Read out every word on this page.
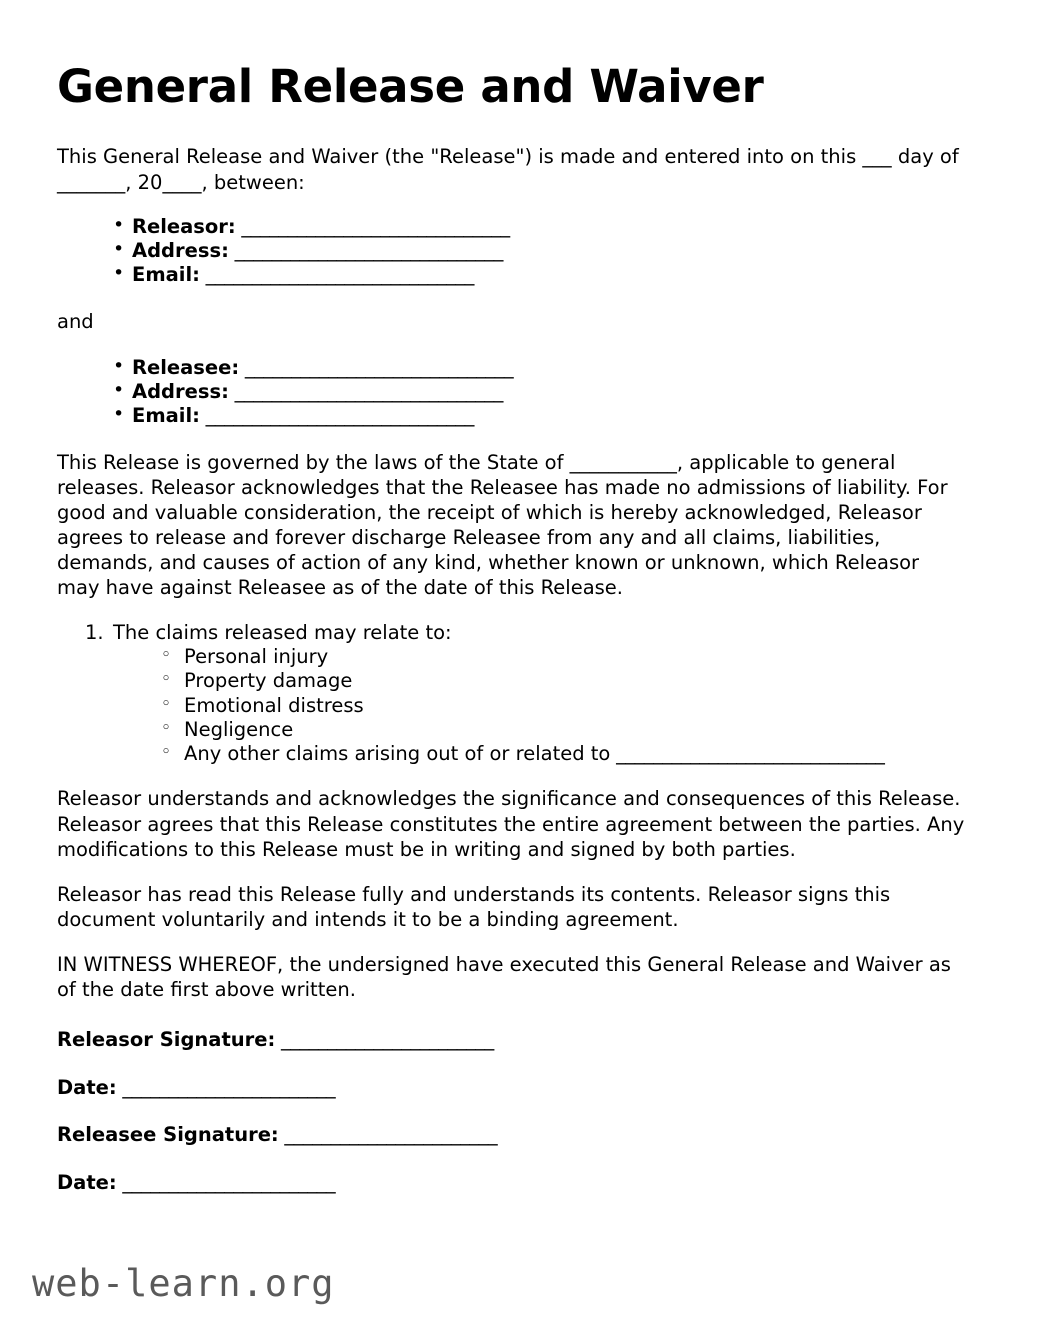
General Release and Waiver

This General Release and Waiver (the "Release") is made and entered into on this ___ day of _______, 20____, between:

• Releasor: _____________________________
• Address: _____________________________
• Email: _____________________________

and

• Releasee: _____________________________
• Address: _____________________________
• Email: _____________________________

This Release is governed by the laws of the State of ___________, applicable to general releases. Releasor acknowledges that the Releasee has made no admissions of liability. For good and valuable consideration, the receipt of which is hereby acknowledged, Releasor agrees to release and forever discharge Releasee from any and all claims, liabilities, demands, and causes of action of any kind, whether known or unknown, which Releasor may have against Releasee as of the date of this Release.

The claims released may relate to:
◦ Personal injury
◦ Property damage
◦ Emotional distress
◦ Negligence
◦ Any other claims arising out of or related to _____________________________

Releasor understands and acknowledges the significance and consequences of this Release. Releasor agrees that this Release constitutes the entire agreement between the parties. Any modifications to this Release must be in writing and signed by both parties.

Releasor has read this Release fully and understands its contents. Releasor signs this document voluntarily and intends it to be a binding agreement.

IN WITNESS WHEREOF, the undersigned have executed this General Release and Waiver as of the date first above written.

Releasor Signature: _______________________
Date: _______________________
Releasee Signature: _______________________
Date: _______________________
web-learn.org
